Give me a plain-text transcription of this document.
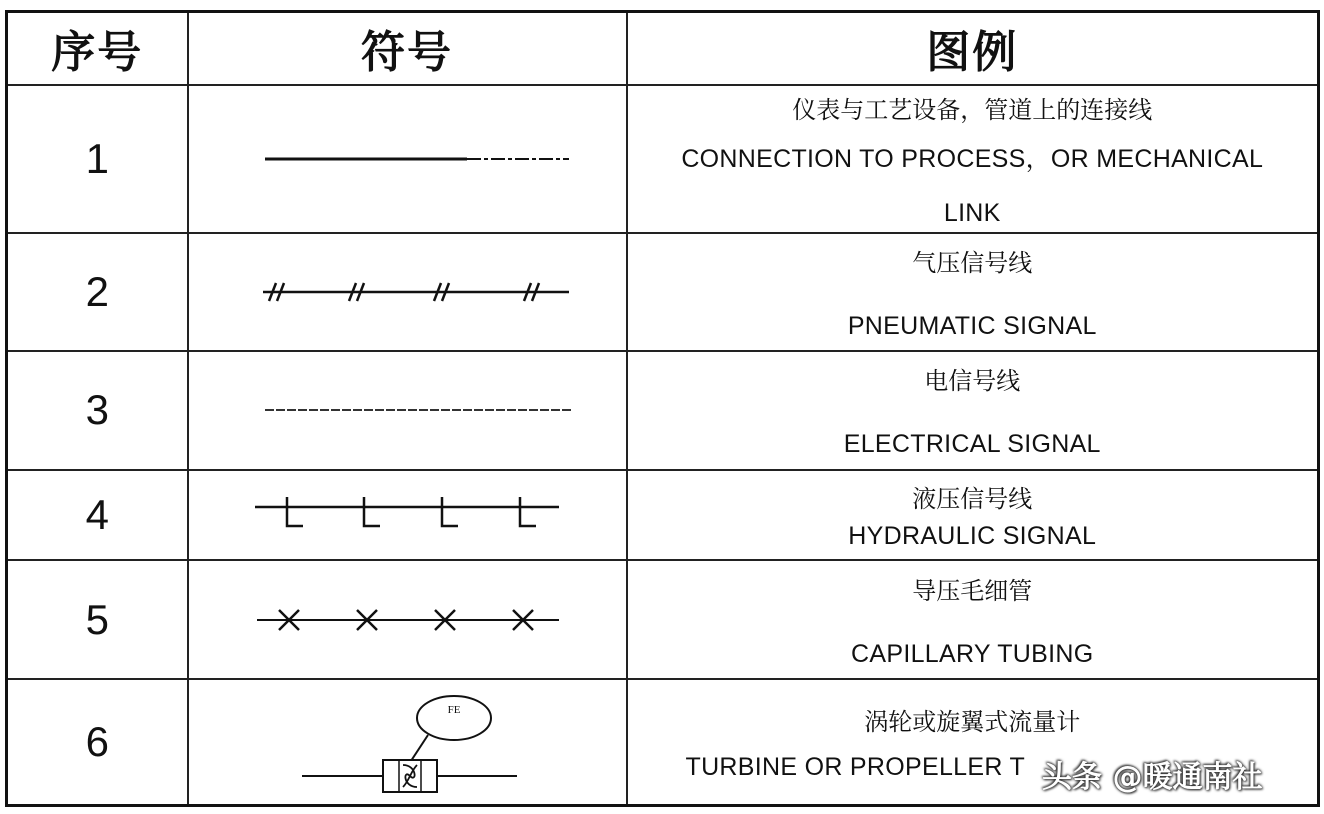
序号	符号	图例
1		仪表与工艺设备，管道上的连接线
CONNECTION TO PROCESS，OR MECHANICAL
LINK

2		气压信号线
PNEUMATIC SIGNAL

3		电信号线
ELECTRICAL SIGNAL

4		液压信号线
HYDRAULIC SIGNAL

5		导压毛细管
CAPILLARY TUBING

6	FE	涡轮或旋翼式流量计
TURBINE OR PROPELLER T 头条 @暖通南社
